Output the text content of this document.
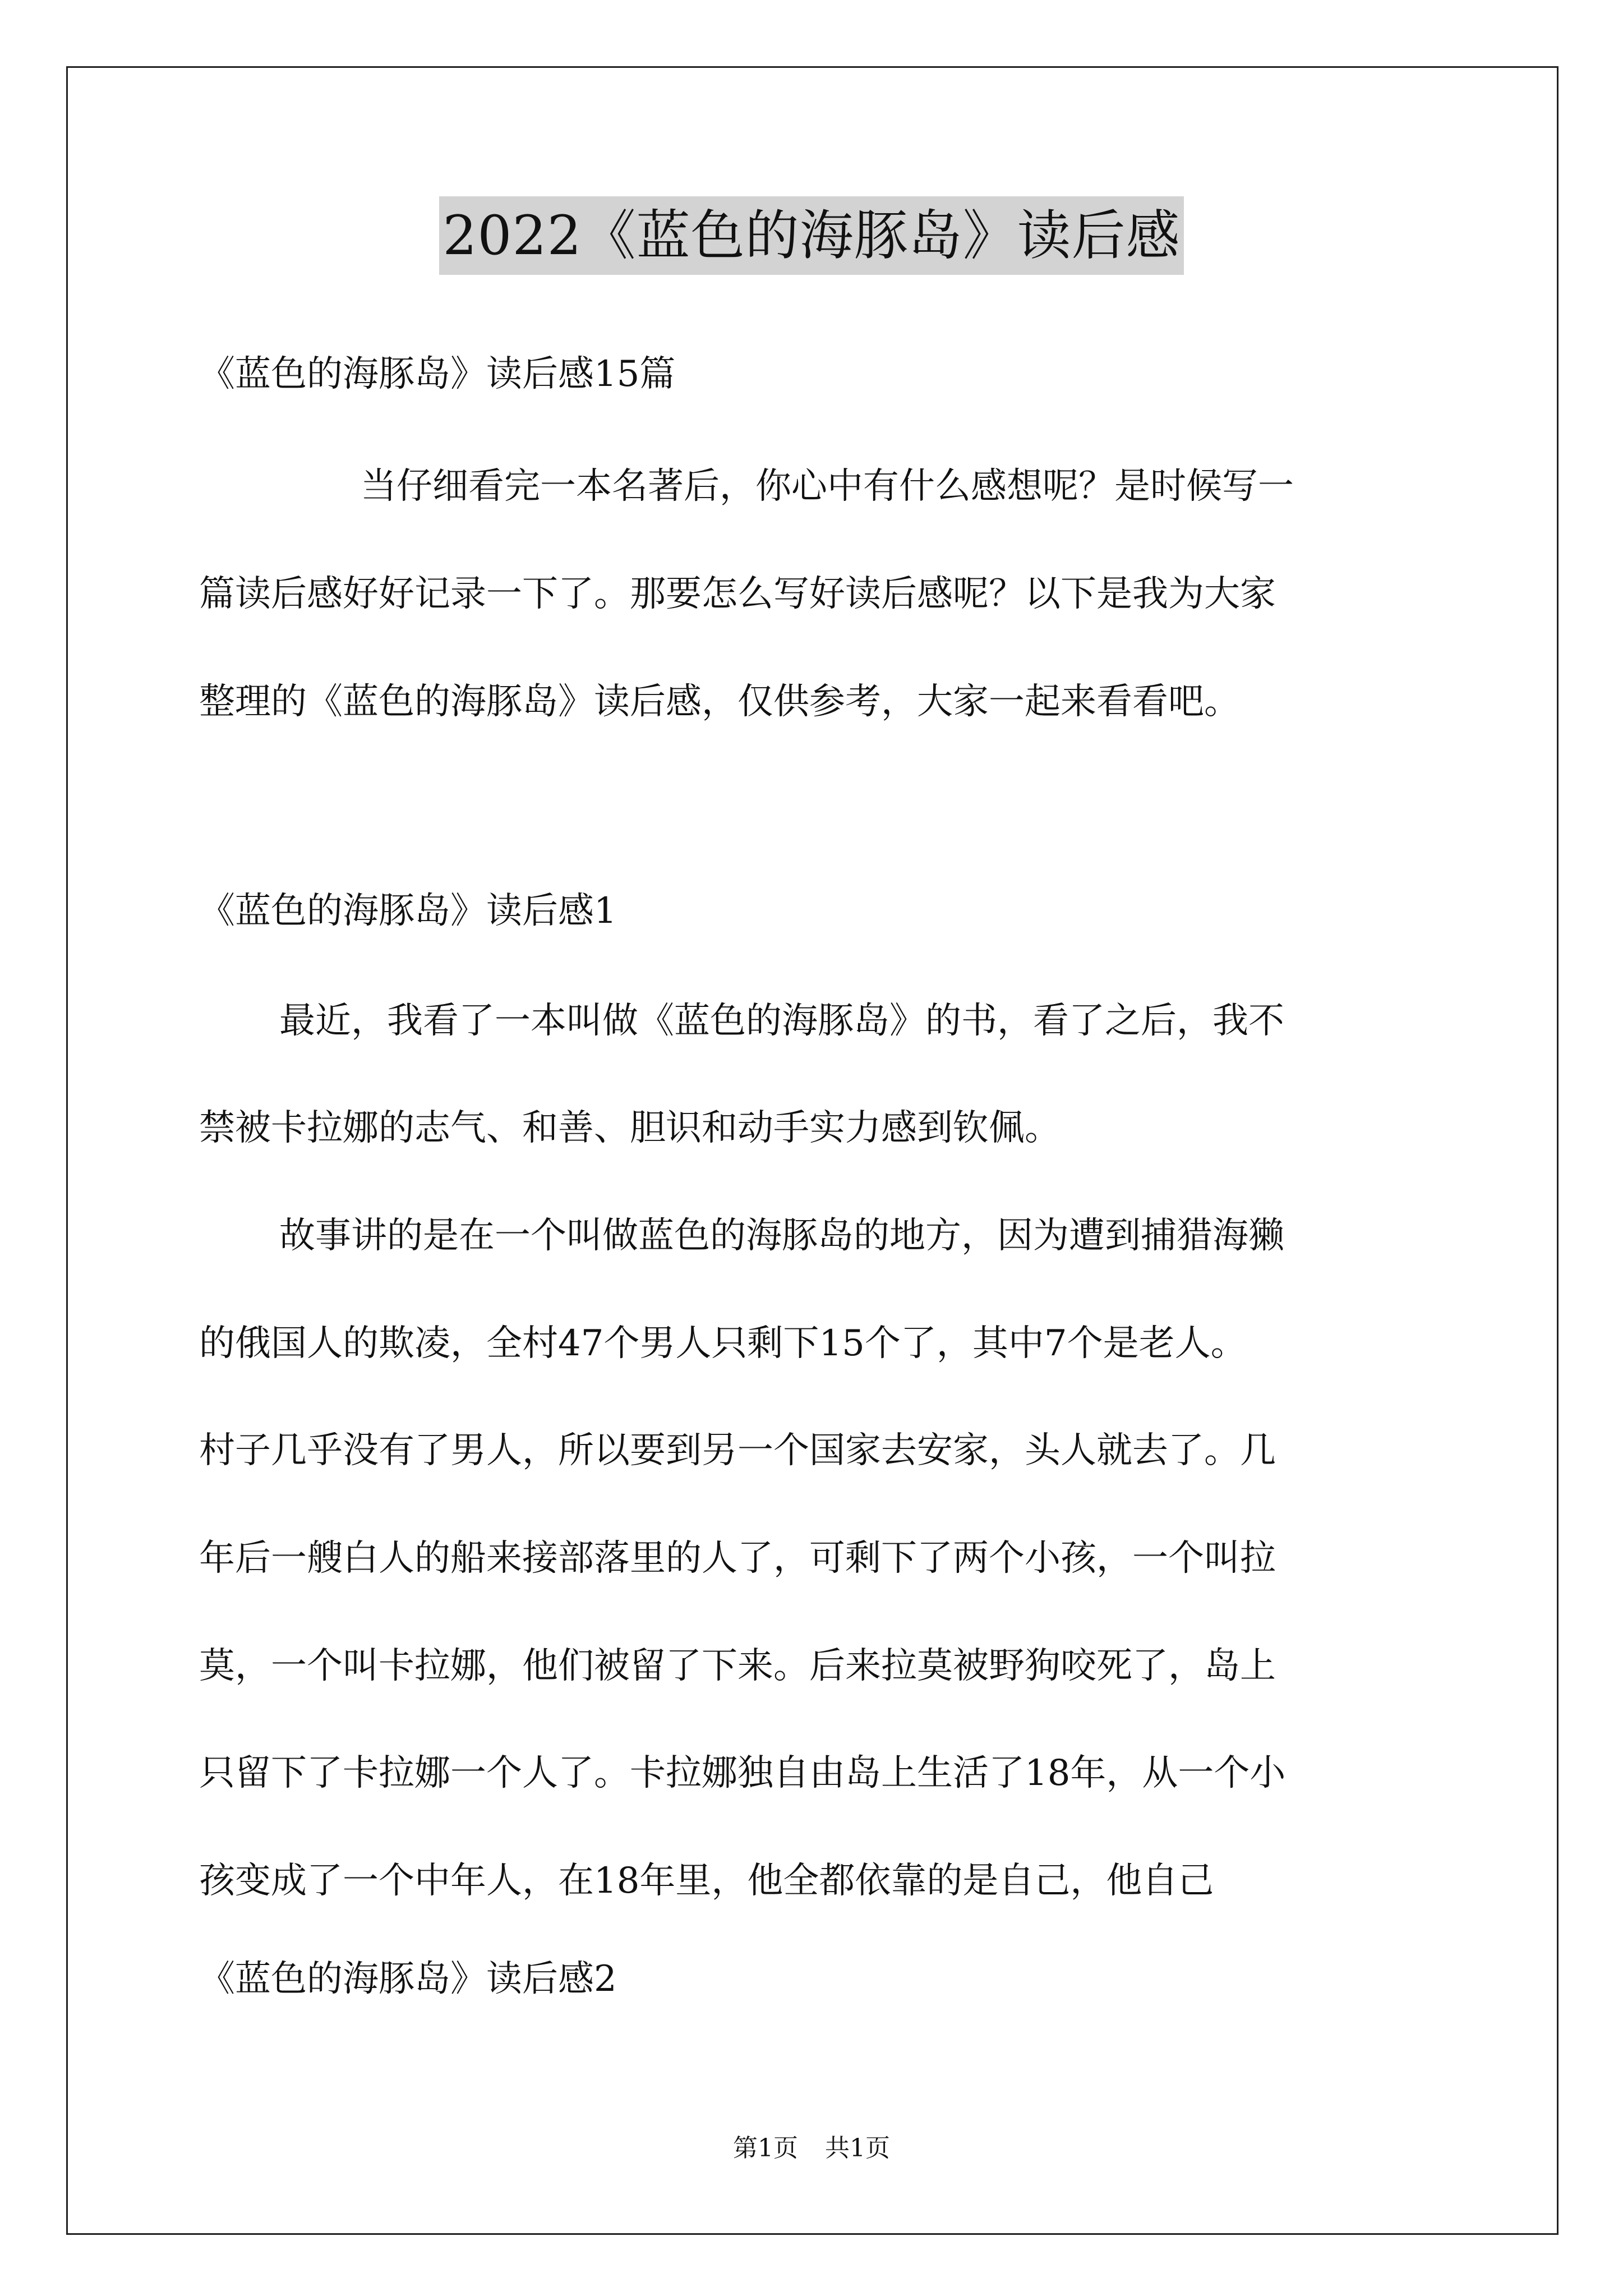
2022《蓝色的海豚岛》读后感
《蓝色的海豚岛》读后感15篇
当仔细看完一本名著后，你心中有什么感想呢？是时候写一
篇读后感好好记录一下了。那要怎么写好读后感呢？以下是我为大家
整理的《蓝色的海豚岛》读后感，仅供参考，大家一起来看看吧。
《蓝色的海豚岛》读后感1
最近，我看了一本叫做《蓝色的海豚岛》的书，看了之后，我不
禁被卡拉娜的志气、和善、胆识和动手实力感到钦佩。
故事讲的是在一个叫做蓝色的海豚岛的地方，因为遭到捕猎海獭
的俄国人的欺凌，全村47个男人只剩下15个了，其中7个是老人。
村子几乎没有了男人，所以要到另一个国家去安家，头人就去了。几
年后一艘白人的船来接部落里的人了，可剩下了两个小孩，一个叫拉
莫，一个叫卡拉娜，他们被留了下来。后来拉莫被野狗咬死了，岛上
只留下了卡拉娜一个人了。卡拉娜独自由岛上生活了18年，从一个小
孩变成了一个中年人，在18年里，他全都依靠的是自己，他自己
《蓝色的海豚岛》读后感2
第1页 共1页
